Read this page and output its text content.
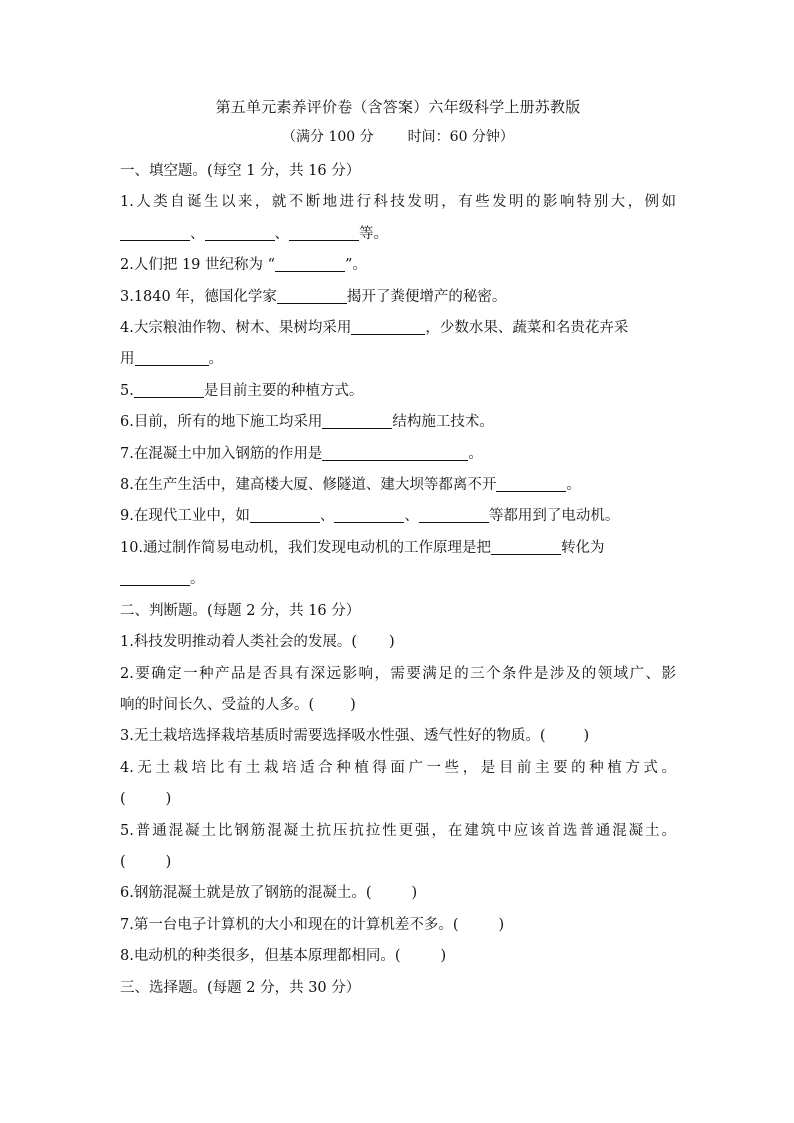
第五单元素养评价卷（含答案）六年级科学上册苏教版
（满分 100 分 时间：60 分钟）
一、填空题。(每空 1 分，共 16 分）
1.人类自诞生以来，就不断地进行科技发明，有些发明的影响特别大，例如
、	、	等。
2.人们把 19 世纪称为 “	”。
3.1840 年，德国化学家	揭开了粪便增产的秘密。
4.大宗粮油作物、树木、果树均采用	，少数水果、蔬菜和名贵花卉采
用	。
5.	是目前主要的种植方式。
6.目前，所有的地下施工均采用	结构施工技术。
7.在混凝土中加入钢筋的作用是	。
8.在生产生活中，建高楼大厦、修隧道、建大坝等都离不开	。
9.在现代工业中，如	、	、	等都用到了电动机。
10.通过制作简易电动机，我们发现电动机的工作原理是把	转化为
。
二、判断题。(每题 2 分，共 16 分）
1.科技发明推动着人类社会的发展。( )
2.要确定一种产品是否具有深远影响，需要满足的三个条件是涉及的领域广、影
响的时间长久、受益的人多。( )
3.无土栽培选择栽培基质时需要选择吸水性强、透气性好的物质。(	)
4.无土栽培比有土栽培适合种植得面广一些，是目前主要的种植方式。
(	)
5.普通混凝土比钢筋混凝土抗压抗拉性更强，在建筑中应该首选普通混凝土。
(	)
6.钢筋混凝土就是放了钢筋的混凝土。(	)
7.第一台电子计算机的大小和现在的计算机差不多。(	)
8.电动机的种类很多，但基本原理都相同。(	)
三、选择题。(每题 2 分，共 30 分）
